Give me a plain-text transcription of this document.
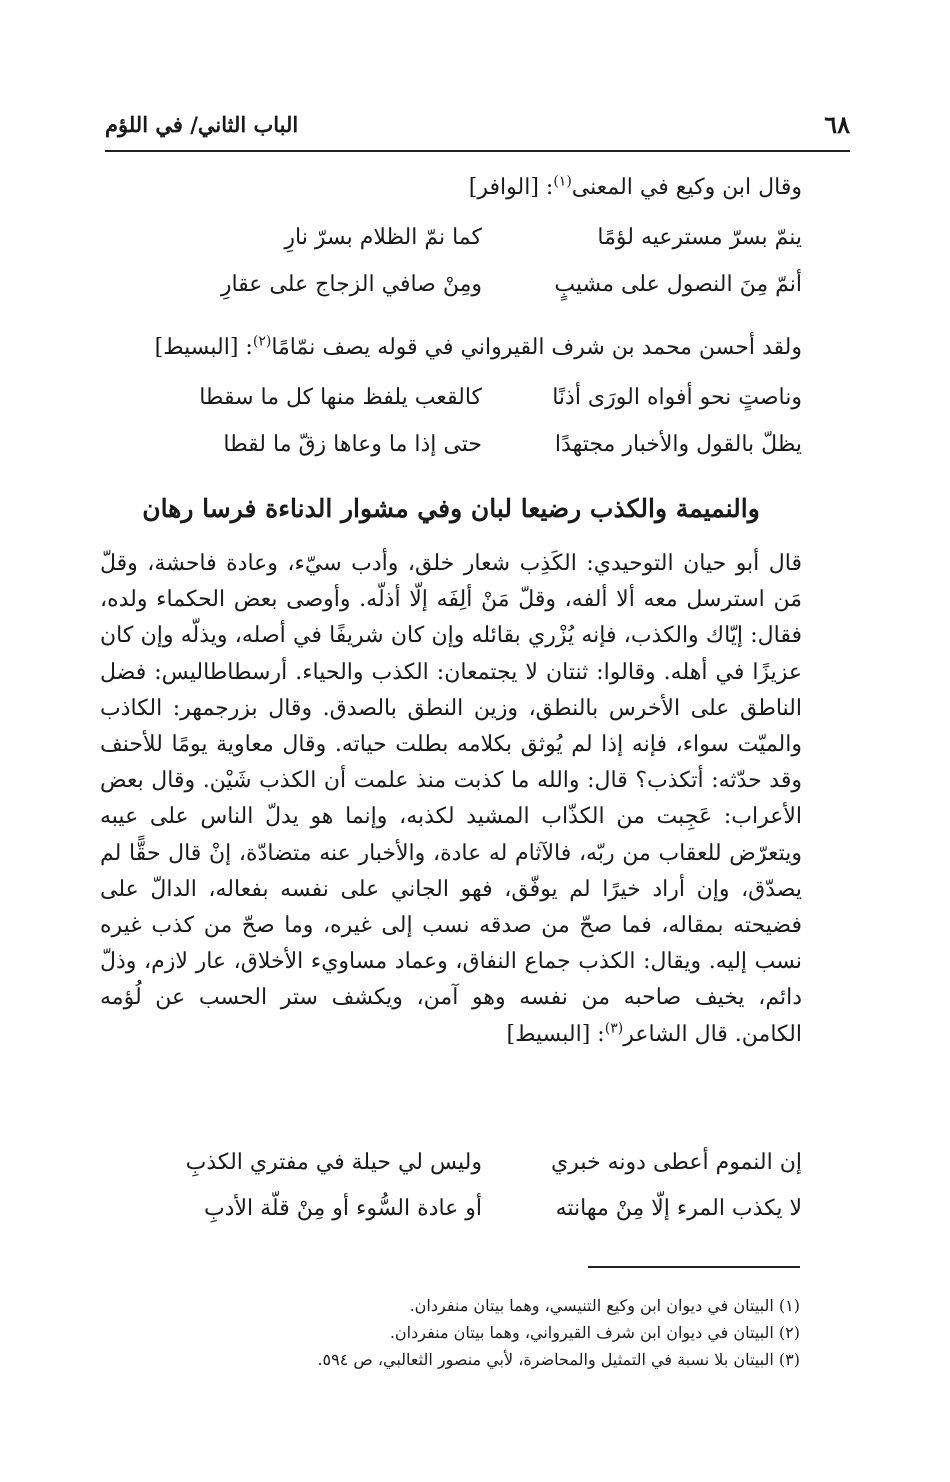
٦٨
الباب الثاني/ في اللؤم
وقال ابن وكيع في المعنى$^{(١)}$: [الوافر]
ينمّ بسرّ مسترعيه لؤمًا
كما نمّ الظلام بسرّ نارِ
أنمّ مِنَ النصول على مشيبٍ
ومِنْ صافي الزجاج على عقارِ
ولقد أحسن محمد بن شرف القيرواني في قوله يصف نمّامًا$^{(٢)}$: [البسيط]
وناصتٍ نحو أفواه الورَى أذنًا
كالقعب يلفظ منها كل ما سقطا
يظلّ بالقول والأخبار مجتهدًا
حتى إذا ما وعاها زقّ ما لقطا
والنميمة والكذب رضيعا لبان وفي مشوار الدناءة فرسا رهان
قال أبو حيان التوحيدي: الكَذِب شعار خلق، وأدب سيّء، وعادة فاحشة، وقلّ مَن استرسل معه ألا ألفه، وقلّ مَنْ ألِفَه إلّا أذلّه. وأوصى بعض الحكماء ولده، فقال: إيّاك والكذب، فإنه يُزْري بقائله وإن كان شريفًا في أصله، ويذلّه وإن كان عزيزًا في أهله. وقالوا: ثنتان لا يجتمعان: الكذب والحياء. أرسطاطاليس: فضل الناطق على الأخرس بالنطق، وزين النطق بالصدق. وقال بزرجمهر: الكاذب والميّت سواء، فإنه إذا لم يُوثق بكلامه بطلت حياته. وقال معاوية يومًا للأحنف وقد حدّثه: أتكذب؟ قال: والله ما كذبت منذ علمت أن الكذب شَيْن. وقال بعض الأعراب: عَجِبت من الكذّاب المشيد لكذبه، وإنما هو يدلّ الناس على عيبه ويتعرّض للعقاب من ربّه، فالآثام له عادة، والأخبار عنه متضادّة، إنْ قال حقًّا لم يصدّق، وإن أراد خيرًا لم يوفّق، فهو الجاني على نفسه بفعاله، الدالّ على فضيحته بمقاله، فما صحّ من صدقه نسب إلى غيره، وما صحّ من كذب غيره نسب إليه. ويقال: الكذب جماع النفاق، وعماد مساويء الأخلاق، عار لازم، وذلّ دائم، يخيف صاحبه من نفسه وهو آمن، ويكشف ستر الحسب عن لُؤمه الكامن. قال الشاعر$^{(٣)}$: [البسيط]
إن النموم أعطى دونه خبري
وليس لي حيلة في مفتري الكذبِ
لا يكذب المرء إلّا مِنْ مهانته
أو عادة السُّوء أو مِنْ قلّة الأدبِ
(١) البيتان في ديوان ابن وكيع التنيسي، وهما بيتان منفردان.
(٢) البيتان في ديوان ابن شرف القيرواني، وهما بيتان منفردان.
(٣) البيتان بلا نسبة في التمثيل والمحاضرة، لأبي منصور الثعالبي، ص ٥٩٤.
